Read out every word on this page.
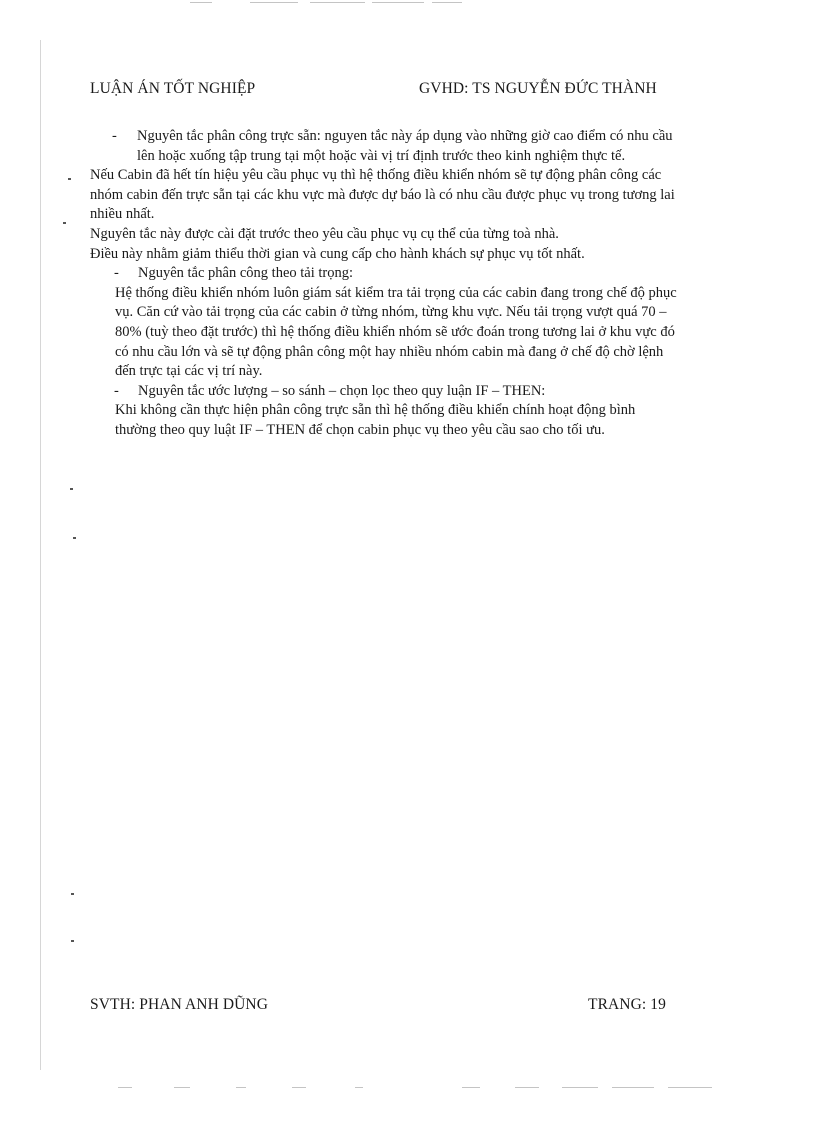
LUẬN ÁN TỐT NGHIỆP	GVHD: TS NGUYỄN ĐỨC THÀNH

- Nguyên tắc phân công trực sẵn: nguyen tắc này áp dụng vào những giờ cao điểm có nhu cầu lên hoặc xuống tập trung tại một hoặc vài vị trí định trước theo kinh nghiệm thực tế.

Nếu Cabin đã hết tín hiệu yêu cầu phục vụ thì hệ thống điều khiển nhóm sẽ tự động phân công các nhóm cabin đến trực sẵn tại các khu vực mà được dự báo là có nhu cầu được phục vụ trong tương lai nhiều nhất.

Nguyên tắc này được cài đặt trước theo yêu cầu phục vụ cụ thể của từng toà nhà.

Điều này nhằm giảm thiểu thời gian và cung cấp cho hành khách sự phục vụ tốt nhất.

- Nguyên tắc phân công theo tải trọng:

Hệ thống điều khiển nhóm luôn giám sát kiểm tra tải trọng của các cabin đang trong chế độ phục vụ. Căn cứ vào tải trọng của các cabin ở từng nhóm, từng khu vực. Nếu tải trọng vượt quá 70 – 80% (tuỳ theo đặt trước) thì hệ thống điều khiển nhóm sẽ ước đoán trong tương lai ở khu vực đó có nhu cầu lớn và sẽ tự động phân công một hay nhiều nhóm cabin mà đang ở chế độ chờ lệnh đến trực tại các vị trí này.

- Nguyên tắc ước lượng – so sánh – chọn lọc theo quy luận IF – THEN:

Khi không cần thực hiện phân công trực sẵn thì hệ thống điều khiển chính hoạt động bình thường theo quy luật IF – THEN để chọn cabin phục vụ theo yêu cầu sao cho tối ưu.

SVTH: PHAN ANH DŨNG	TRANG: 19
